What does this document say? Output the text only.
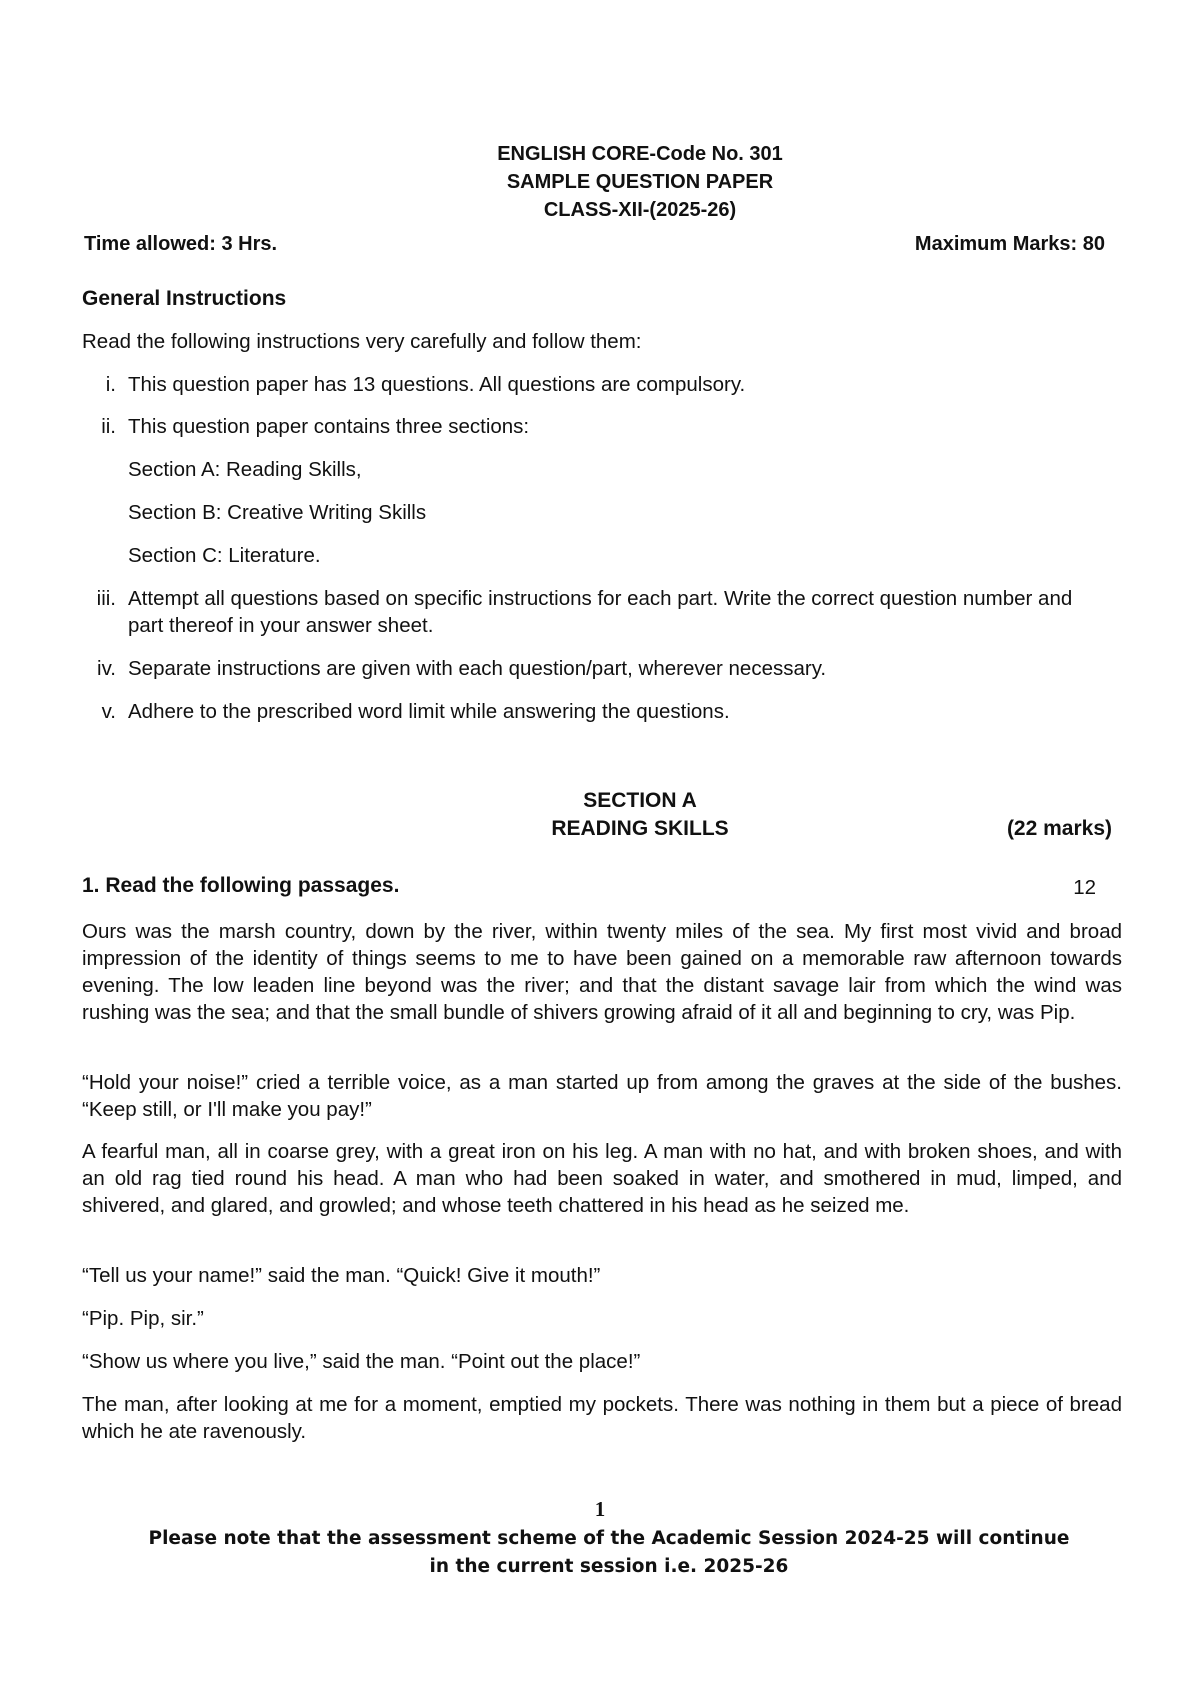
ENGLISH CORE-Code No. 301
SAMPLE QUESTION PAPER
CLASS-XII-(2025-26)
Time allowed: 3 Hrs.	Maximum Marks: 80
General Instructions
Read the following instructions very carefully and follow them:
i. This question paper has 13 questions. All questions are compulsory.
ii. This question paper contains three sections:
Section A: Reading Skills,
Section B: Creative Writing Skills
Section C: Literature.
iii. Attempt all questions based on specific instructions for each part. Write the correct question number and part thereof in your answer sheet.
iv. Separate instructions are given with each question/part, wherever necessary.
v. Adhere to the prescribed word limit while answering the questions.
SECTION A
READING SKILLS	(22 marks)
1. Read the following passages.	12
Ours was the marsh country, down by the river, within twenty miles of the sea. My first most vivid and broad impression of the identity of things seems to me to have been gained on a memorable raw afternoon towards evening. The low leaden line beyond was the river; and that the distant savage lair from which the wind was rushing was the sea; and that the small bundle of shivers growing afraid of it all and beginning to cry, was Pip.
“Hold your noise!” cried a terrible voice, as a man started up from among the graves at the side of the bushes. “Keep still, or I'll make you pay!”
A fearful man, all in coarse grey, with a great iron on his leg. A man with no hat, and with broken shoes, and with an old rag tied round his head. A man who had been soaked in water, and smothered in mud, limped, and shivered, and glared, and growled; and whose teeth chattered in his head as he seized me.
“Tell us your name!” said the man. “Quick! Give it mouth!”
“Pip. Pip, sir.”
“Show us where you live,” said the man. “Point out the place!”
The man, after looking at me for a moment, emptied my pockets. There was nothing in them but a piece of bread which he ate ravenously.
1
Please note that the assessment scheme of the Academic Session 2024-25 will continue
in the current session i.e. 2025-26
